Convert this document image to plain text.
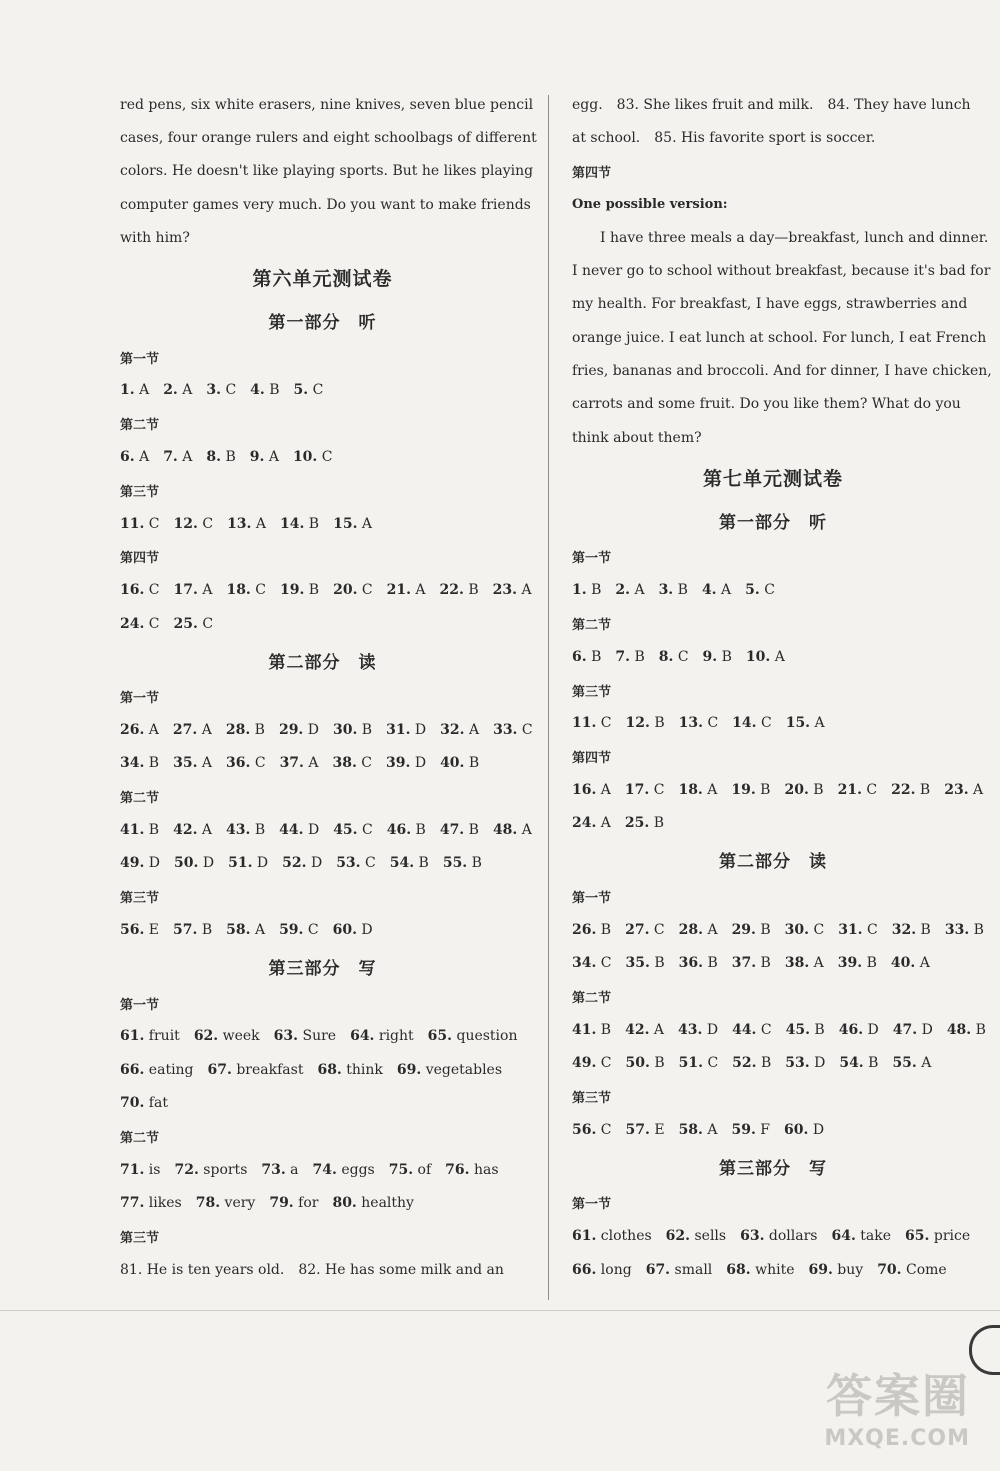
red pens, six white erasers, nine knives, seven blue pencil
cases, four orange rulers and eight schoolbags of different
colors. He doesn't like playing sports. But he likes playing
computer games very much. Do you want to make friends
with him?
第六单元测试卷
第一部分　听
第一节
1. A 2. A 3. C 4. B 5. C
第二节
6. A 7. A 8. B 9. A 10. C
第三节
11. C 12. C 13. A 14. B 15. A
第四节
16. C 17. A 18. C 19. B 20. C 21. A 22. B 23. A
24. C 25. C
第二部分　读
第一节
26. A 27. A 28. B 29. D 30. B 31. D 32. A 33. C
34. B 35. A 36. C 37. A 38. C 39. D 40. B
第二节
41. B 42. A 43. B 44. D 45. C 46. B 47. B 48. A
49. D 50. D 51. D 52. D 53. C 54. B 55. B
第三节
56. E 57. B 58. A 59. C 60. D
第三部分　写
第一节
61. fruit 62. week 63. Sure 64. right 65. question
66. eating 67. breakfast 68. think 69. vegetables
70. fat
第二节
71. is 72. sports 73. a 74. eggs 75. of 76. has
77. likes 78. very 79. for 80. healthy
第三节
81. He is ten years old.　82. He has some milk and an
egg.　83. She likes fruit and milk.　84. They have lunch
at school.　85. His favorite sport is soccer.
第四节
One possible version:
I have three meals a day—breakfast, lunch and dinner.
I never go to school without breakfast, because it's bad for
my health. For breakfast, I have eggs, strawberries and
orange juice. I eat lunch at school. For lunch, I eat French
fries, bananas and broccoli. And for dinner, I have chicken,
carrots and some fruit. Do you like them? What do you
think about them?
第七单元测试卷
第一部分　听
第一节
1. B 2. A 3. B 4. A 5. C
第二节
6. B 7. B 8. C 9. B 10. A
第三节
11. C 12. B 13. C 14. C 15. A
第四节
16. A 17. C 18. A 19. B 20. B 21. C 22. B 23. A
24. A 25. B
第二部分　读
第一节
26. B 27. C 28. A 29. B 30. C 31. C 32. B 33. B
34. C 35. B 36. B 37. B 38. A 39. B 40. A
第二节
41. B 42. A 43. D 44. C 45. B 46. D 47. D 48. B
49. C 50. B 51. C 52. B 53. D 54. B 55. A
第三节
56. C 57. E 58. A 59. F 60. D
第三部分　写
第一节
61. clothes 62. sells 63. dollars 64. take 65. price
66. long 67. small 68. white 69. buy 70. Come
答案圈
MXQE.COM
